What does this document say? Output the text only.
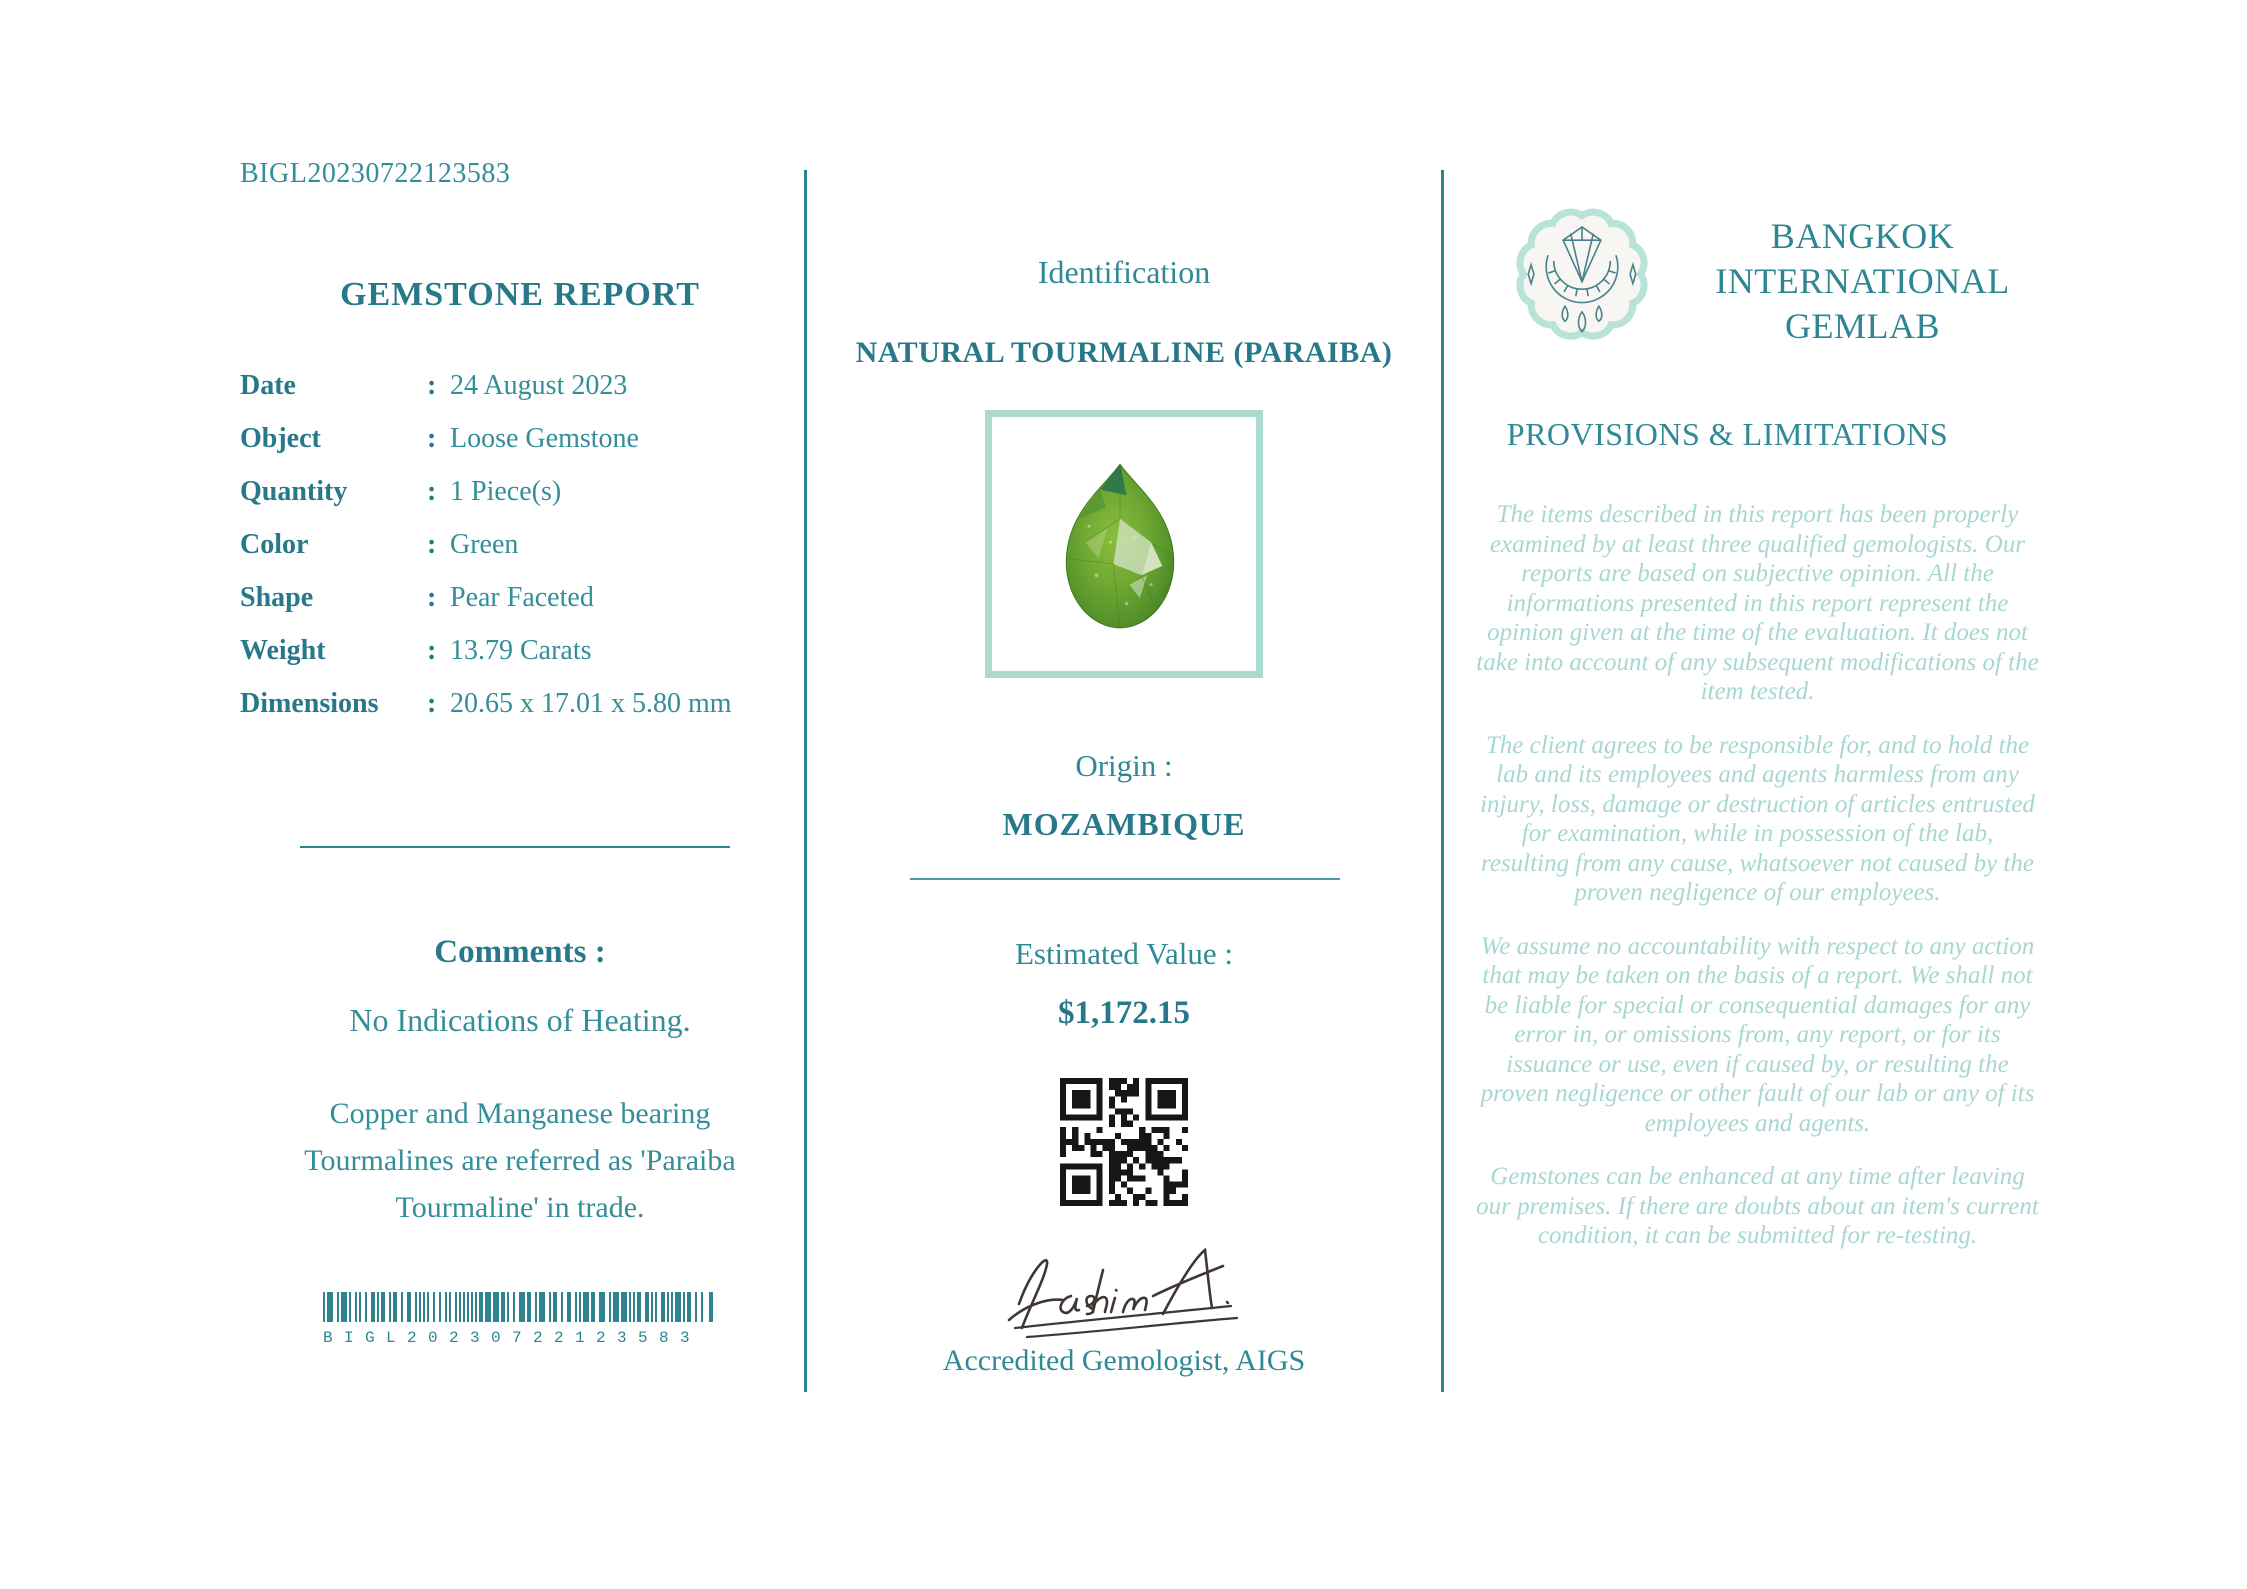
BIGL20230722123583
GEMSTONE REPORT
Date	: 24 August 2023
Object	: Loose Gemstone
Quantity	: 1 Piece(s)
Color	: Green
Shape	: Pear Faceted
Weight	: 13.79 Carats
Dimensions	: 20.65 x 17.01 x 5.80 mm
Comments :
No Indications of Heating.
Copper and Manganese bearing Tourmalines are referred as 'Paraiba Tourmaline' in trade.
BIGL20230722123583
Identification
NATURAL TOURMALINE (PARAIBA)
Origin :
MOZAMBIQUE
Estimated Value :
$1,172.15
Accredited Gemologist, AIGS
BANGKOK
INTERNATIONAL
GEMLAB
PROVISIONS & LIMITATIONS

The items described in this report has been properly examined by at least three qualified gemologists. Our reports are based on subjective opinion. All the informations presented in this report represent the opinion given at the time of the evaluation. It does not take into account of any subsequent modifications of the item tested.

The client agrees to be responsible for, and to hold the lab and its employees and agents harmless from any injury, loss, damage or destruction of articles entrusted for examination, while in possession of the lab, resulting from any cause, whatsoever not caused by the proven negligence of our employees.

We assume no accountability with respect to any action that may be taken on the basis of a report. We shall not be liable for special or consequential damages for any error in, or omissions from, any report, or for its issuance or use, even if caused by, or resulting the proven negligence or other fault of our lab or any of its employees and agents.

Gemstones can be enhanced at any time after leaving our premises. If there are doubts about an item's current condition, it can be submitted for re-testing.
